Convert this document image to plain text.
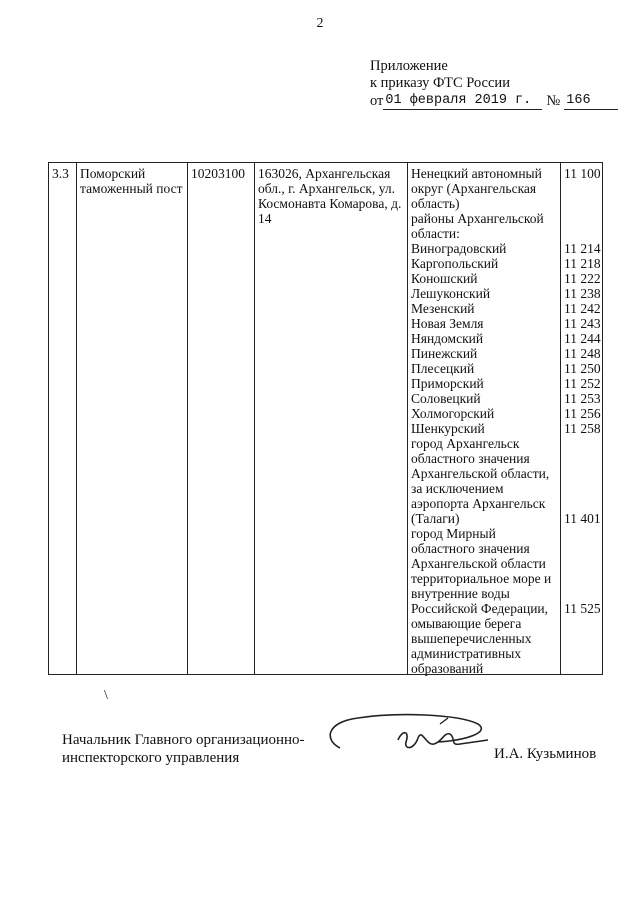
2
Приложение
к приказу ФТС России
от 01 февраля 2019 г.	№ 166
3.3 Поморский таможенный пост
10203100 163026, Архангельская обл., г. Архангельск, ул. Космонавта Комарова, д. 14
Ненецкий автономный округ (Архангельская область)
районы Архангельской области:
Виноградовский
Каргопольский
Коношский
Лешуконский
Мезенский
Новая Земля
Няндомский
Пинежский
Плесецкий
Приморский
Соловецкий
Холмогорский
Шенкурский
город Архангельск областного значения Архангельской области, за исключением аэропорта Архангельск (Талаги)
город Мирный областного значения Архангельской области
территориальное море и внутренние воды Российской Федерации, омывающие берега вышеперечисленных административных образований
11 100
11 214
11 218
11 222
11 238
11 242
11 243
11 244
11 248
11 250
11 252
11 253
11 256
11 258
11 401
11 525
\
Начальник Главного организационно-
инспекторского управления	И.А. Кузьминов
